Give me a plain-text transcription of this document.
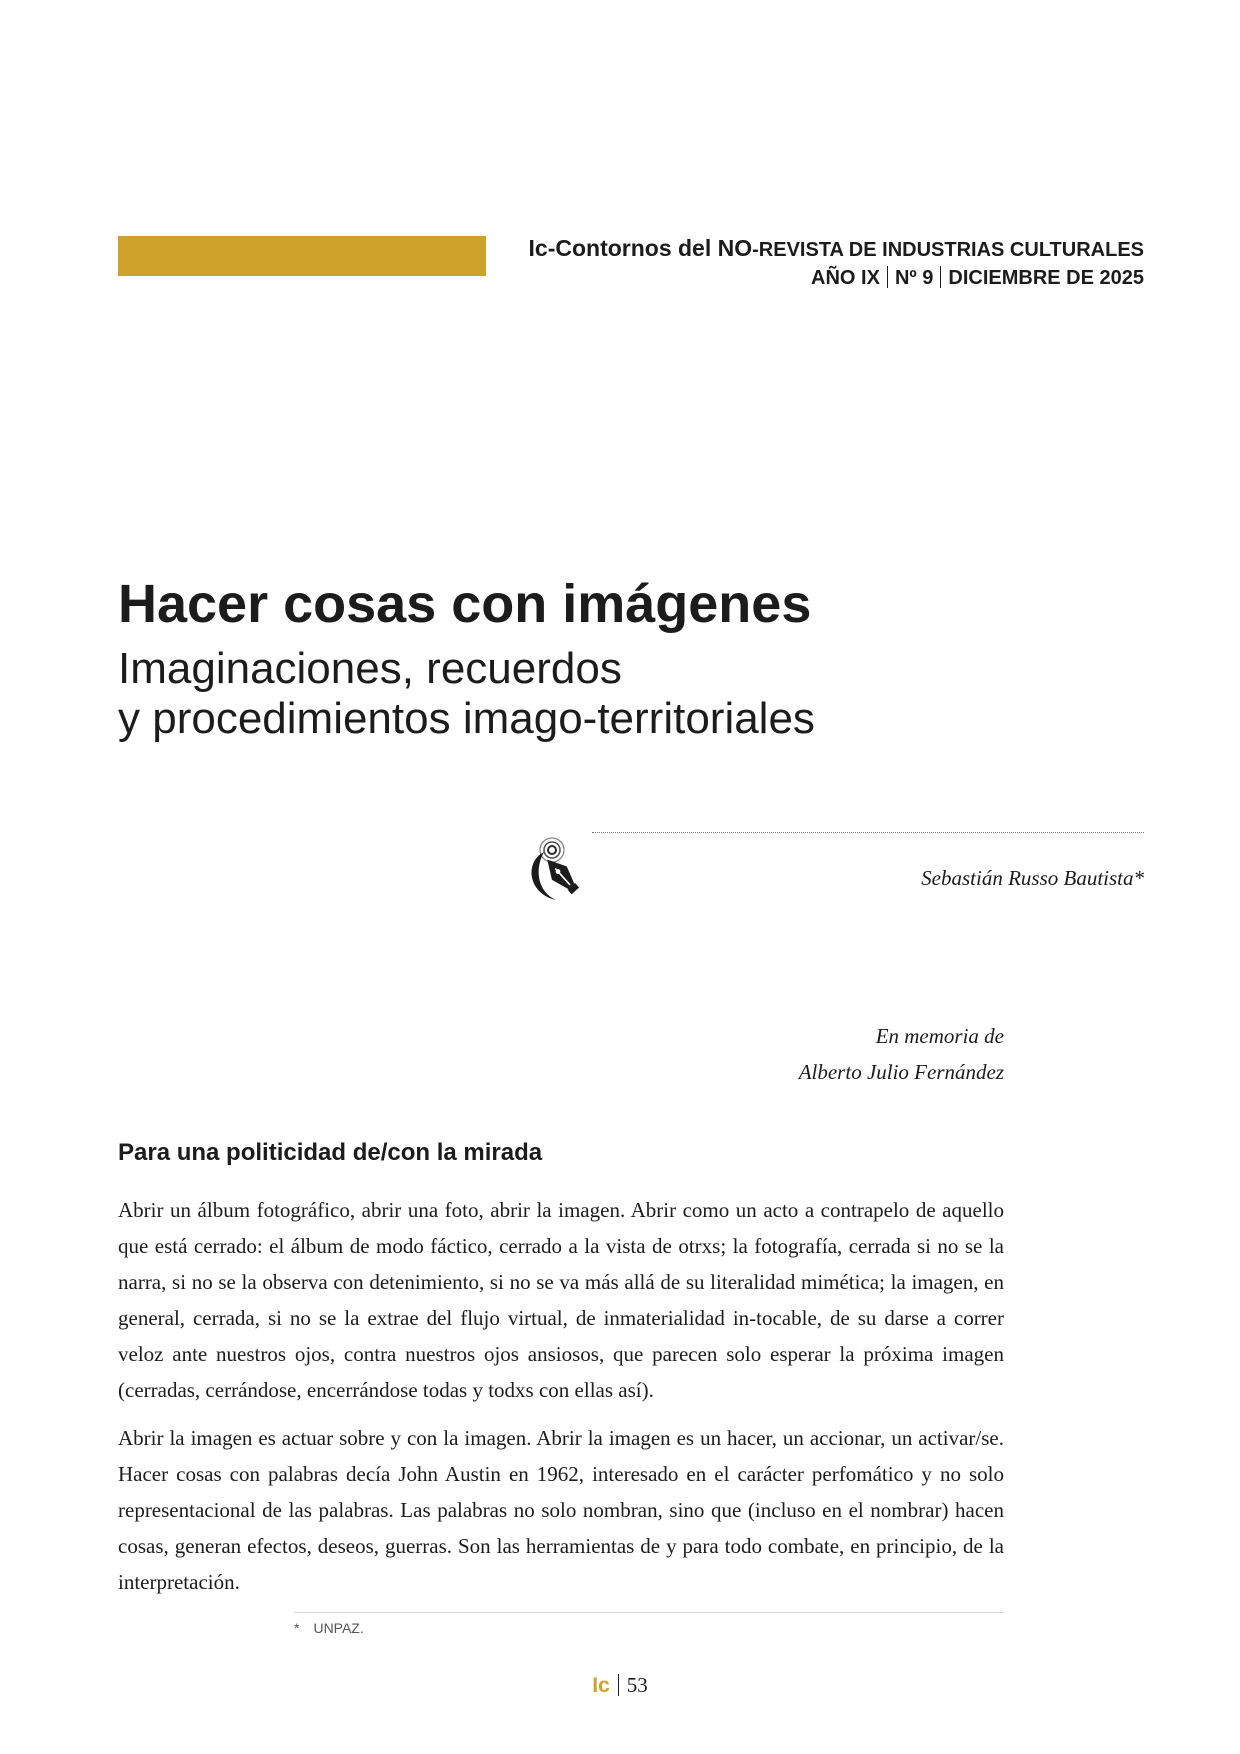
Ic-Contornos del NO-REVISTA DE INDUSTRIAS CULTURALES
AÑO IX Nº 9 DICIEMBRE DE 2025
Hacer cosas con imágenes
Imaginaciones, recuerdos
y procedimientos imago-territoriales
Sebastián Russo Bautista*
En memoria de
Alberto Julio Fernández
Para una politicidad de/con la mirada

Abrir un álbum fotográfico, abrir una foto, abrir la imagen. Abrir como un acto a contrapelo de aquello que está cerrado: el álbum de modo fáctico, cerrado a la vista de otrxs; la fotografía, cerrada si no se la narra, si no se la observa con detenimiento, si no se va más allá de su literalidad mimética; la imagen, en general, cerrada, si no se la extrae del flujo virtual, de inmaterialidad in-tocable, de su darse a correr veloz ante nuestros ojos, contra nuestros ojos ansiosos, que parecen solo esperar la próxima imagen (cerradas, cerrándose, encerrándose todas y todxs con ellas así).

Abrir la imagen es actuar sobre y con la imagen. Abrir la imagen es un hacer, un accionar, un activar/se. Hacer cosas con palabras decía John Austin en 1962, interesado en el carácter perfomático y no solo representacional de las palabras. Las palabras no solo nombran, sino que (incluso en el nombrar) hacen cosas, generan efectos, deseos, guerras. Son las herramientas de y para todo combate, en principio, de la interpretación.

* UNPAZ.
Ic 53
